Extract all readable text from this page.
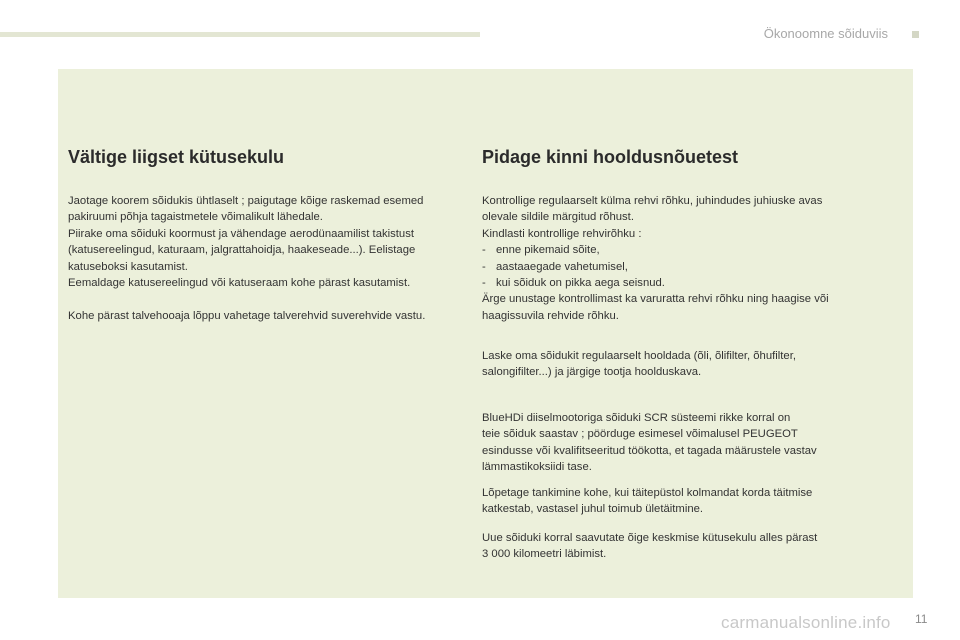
Ökonoomne sõiduviis
Vältige liigset kütusekulu

Jaotage koorem sõidukis ühtlaselt ; paigutage kõige raskemad esemed
pakiruumi põhja tagaistmetele võimalikult lähedale.
Piirake oma sõiduki koormust ja vähendage aerodünaamilist takistust
(katusereelingud, katuraam, jalgrattahoidja, haakeseade...). Eelistage
katuseboksi kasutamist.
Eemaldage katusereelingud või katuseraam kohe pärast kasutamist.

Kohe pärast talvehooaja lõppu vahetage talverehvid suverehvide vastu.

Pidage kinni hooldusnõuetest

Kontrollige regulaarselt külma rehvi rõhku, juhindudes juhiuske avas
olevale sildile märgitud rõhust.
Kindlasti kontrollige rehvirõhku :

- enne pikemaid sõite,
- aastaaegade vahetumisel,
- kui sõiduk on pikka aega seisnud.

Ärge unustage kontrollimast ka varuratta rehvi rõhku ning haagise või
haagissuvila rehvide rõhku.

Laske oma sõidukit regulaarselt hooldada (õli, õlifilter, õhufilter,
salongifilter...) ja järgige tootja hoolduskava.

BlueHDi diiselmootoriga sõiduki SCR süsteemi rikke korral on
teie sõiduk saastav ; pöörduge esimesel võimalusel PEUGEOT
esindusse või kvalifitseeritud töökotta, et tagada määrustele vastav
lämmastikoksiidi tase.

Lõpetage tankimine kohe, kui täitepüstol kolmandat korda täitmise
katkestab, vastasel juhul toimub ületäitmine.

Uue sõiduki korral saavutate õige keskmise kütusekulu alles pärast
3 000 kilomeetri läbimist.

11
carmanualsonline.info
